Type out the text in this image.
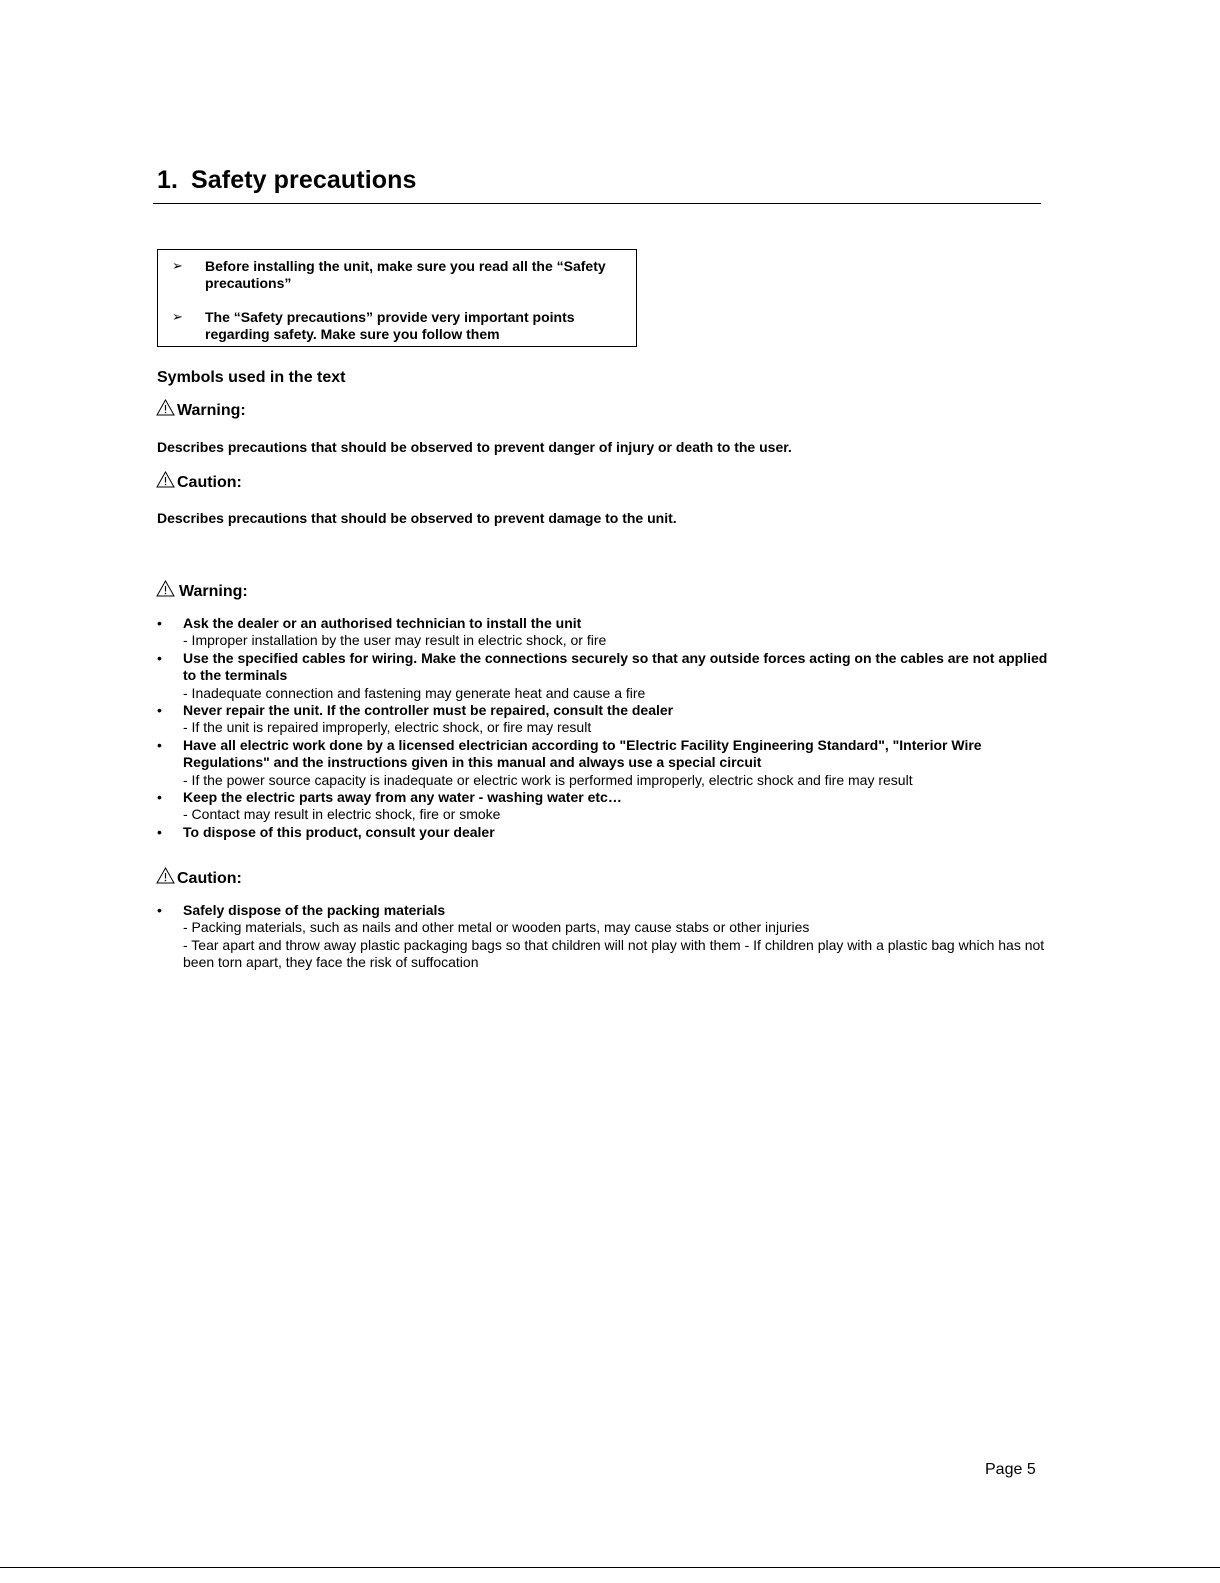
1. Safety precautions
➢ Before installing the unit, make sure you read all the “Safety precautions”
➢ The “Safety precautions” provide very important points regarding safety. Make sure you follow them
Symbols used in the text
Warning:

Describes precautions that should be observed to prevent danger of injury or death to the user.

Caution:

Describes precautions that should be observed to prevent damage to the unit.

Warning:
• Ask the dealer or an authorised technician to install the unit
- Improper installation by the user may result in electric shock, or fire
• Use the specified cables for wiring. Make the connections securely so that any outside forces acting on the cables are not applied to the terminals
- Inadequate connection and fastening may generate heat and cause a fire
• Never repair the unit. If the controller must be repaired, consult the dealer
- If the unit is repaired improperly, electric shock, or fire may result
• Have all electric work done by a licensed electrician according to "Electric Facility Engineering Standard", "Interior Wire Regulations" and the instructions given in this manual and always use a special circuit
- If the power source capacity is inadequate or electric work is performed improperly, electric shock and fire may result
• Keep the electric parts away from any water - washing water etc…
- Contact may result in electric shock, fire or smoke
• To dispose of this product, consult your dealer
Caution:
• Safely dispose of the packing materials
- Packing materials, such as nails and other metal or wooden parts, may cause stabs or other injuries
- Tear apart and throw away plastic packaging bags so that children will not play with them - If children play with a plastic bag which has not been torn apart, they face the risk of suffocation
Page 5
